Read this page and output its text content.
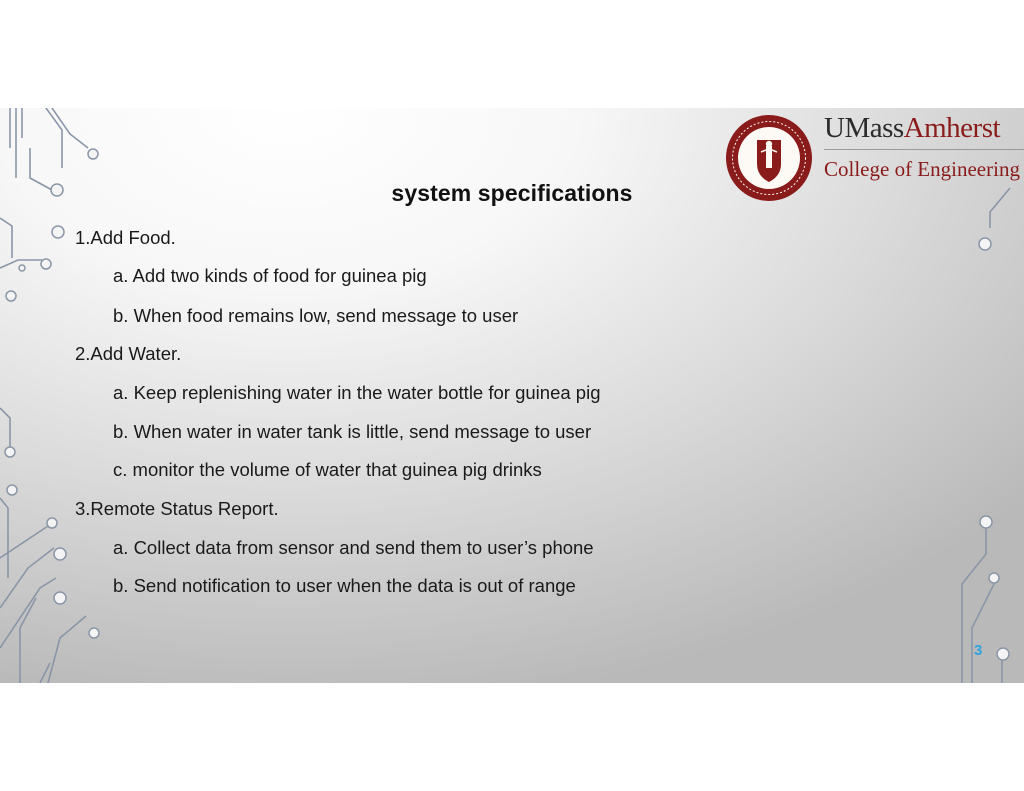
UMassAmherst
College of Engineering
system specifications
1.Add Food.
a. Add two kinds of food for guinea pig
b. When food remains low, send message to user
2.Add Water.
a. Keep replenishing water in the water bottle for guinea pig
b. When water in water tank is little, send message to user
c. monitor the volume of water that guinea pig drinks
3.Remote Status Report.
a. Collect data from sensor and send them to user’s phone
b. Send notification to user when the data is out of range
3
